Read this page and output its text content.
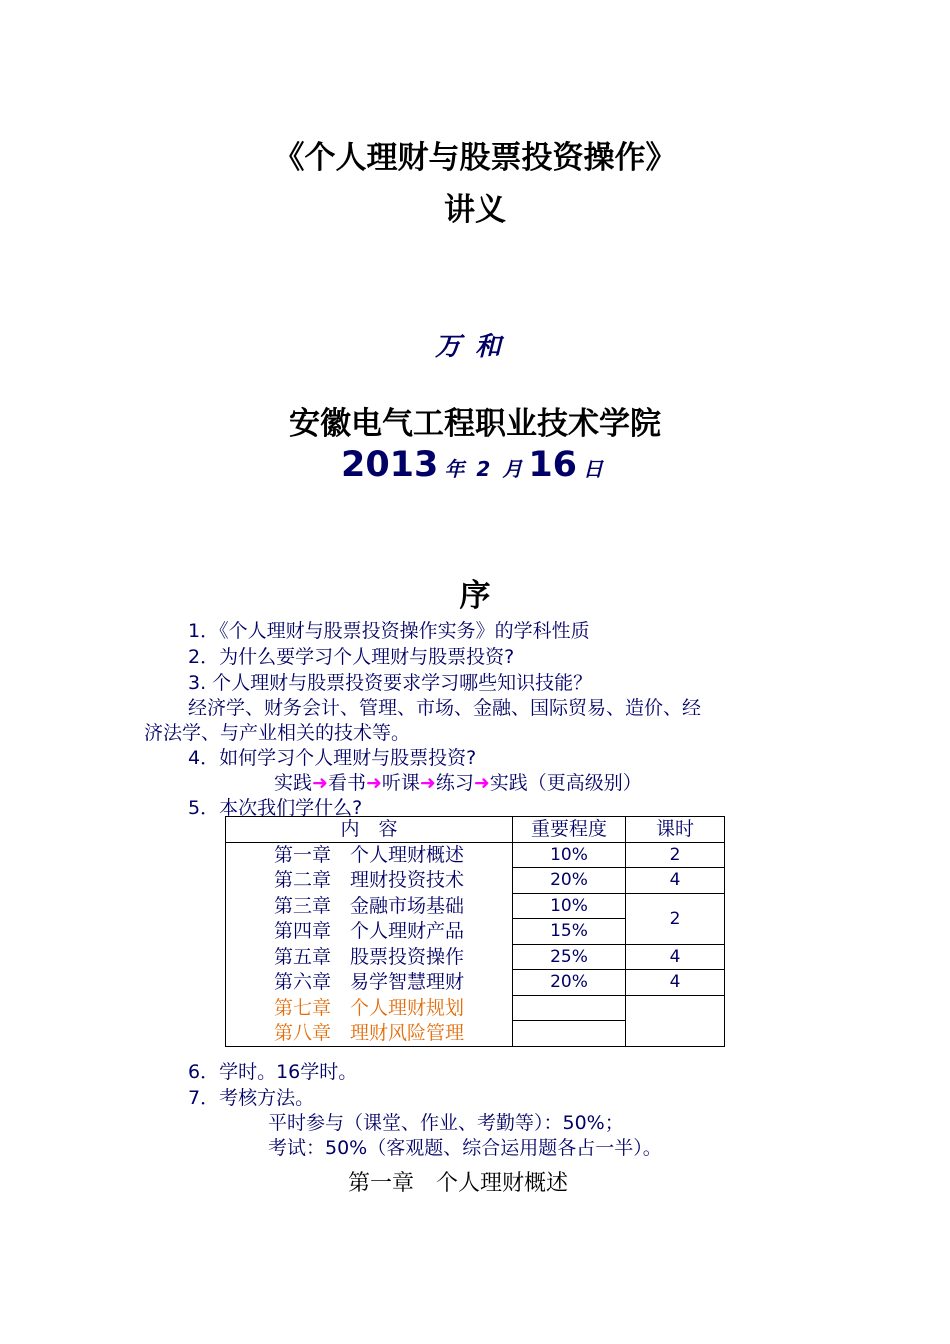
《个人理财与股票投资操作》
讲义
万和
安徽电气工程职业技术学院
2013 年 2 月 16 日
序
1．《个人理财与股票投资操作实务》的学科性质
2．为什么要学习个人理财与股票投资?
3. 个人理财与股票投资要求学习哪些知识技能？
经济学、财务会计、管理、市场、金融、国际贸易、造价、经
济法学、与产业相关的技术等。
4．如何学习个人理财与股票投资?
实践➜看书➜听课➜练习➜实践（更高级别）
5．本次我们学什么?
内　容	重要程度	课时
第一章　个人理财概述	10%	2
第二章　理财投资技术	20%	4
第三章　金融市场基础	10%	2
第四章　个人理财产品	15%	
第五章　股票投资操作	25%	4
第六章　易学智慧理财	20%	4
第七章　个人理财规划		
第八章　理财风险管理		
6．学时。16学时。
7．考核方法。
平时参与（课堂、作业、考勤等）：50%；
考试：50%（客观题、综合运用题各占一半）。
第一章　个人理财概述
